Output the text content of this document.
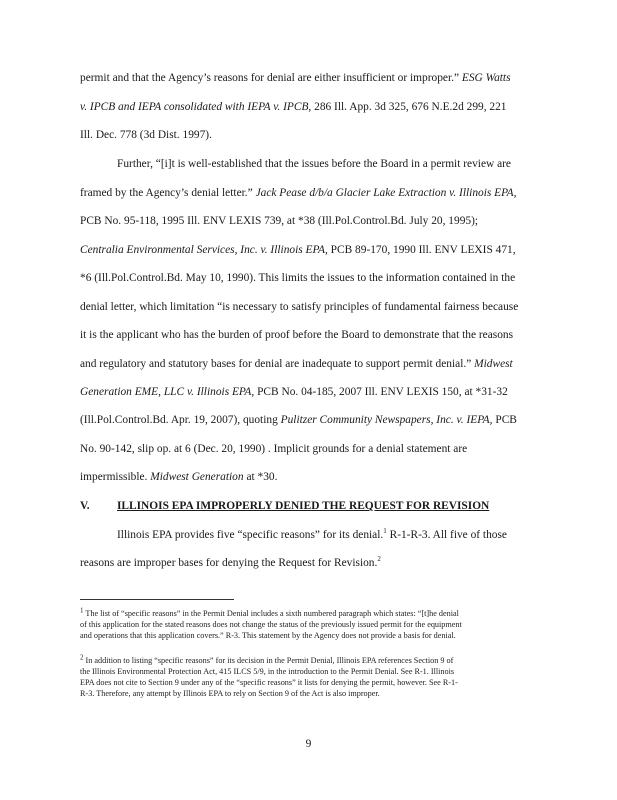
permit and that the Agency’s reasons for denial are either insufficient or improper.” ESG Watts
v. IPCB and IEPA consolidated with IEPA v. IPCB, 286 Ill. App. 3d 325, 676 N.E.2d 299, 221
Ill. Dec. 778 (3d Dist. 1997).
Further, “[i]t is well-established that the issues before the Board in a permit review are
framed by the Agency’s denial letter.” Jack Pease d/b/a Glacier Lake Extraction v. Illinois EPA,
PCB No. 95-118, 1995 Ill. ENV LEXIS 739, at *38 (Ill.Pol.Control.Bd. July 20, 1995);
Centralia Environmental Services, Inc. v. Illinois EPA, PCB 89-170, 1990 Ill. ENV LEXIS 471,
*6 (Ill.Pol.Control.Bd. May 10, 1990). This limits the issues to the information contained in the
denial letter, which limitation “is necessary to satisfy principles of fundamental fairness because
it is the applicant who has the burden of proof before the Board to demonstrate that the reasons
and regulatory and statutory bases for denial are inadequate to support permit denial.” Midwest
Generation EME, LLC v. Illinois EPA, PCB No. 04-185, 2007 Ill. ENV LEXIS 150, at *31-32
(Ill.Pol.Control.Bd. Apr. 19, 2007), quoting Pulitzer Community Newspapers, Inc. v. IEPA, PCB
No. 90-142, slip op. at 6 (Dec. 20, 1990) . Implicit grounds for a denial statement are
impermissible. Midwest Generation at *30.
V. ILLINOIS EPA IMPROPERLY DENIED THE REQUEST FOR REVISION
Illinois EPA provides five “specific reasons” for its denial.$^1$ R-1-R-3. All five of those
reasons are improper bases for denying the Request for Revision.$^2$
$^1$ The list of “specific reasons” in the Permit Denial includes a sixth numbered paragraph which states: “[t]he denial
of this application for the stated reasons does not change the status of the previously issued permit for the equipment
and operations that this application covers.” R-3. This statement by the Agency does not provide a basis for denial.
$^2$ In addition to listing “specific reasons” for its decision in the Permit Denial, Illinois EPA references Section 9 of
the Illinois Environmental Protection Act, 415 ILCS 5/9, in the introduction to the Permit Denial. See R-1. Illinois
EPA does not cite to Section 9 under any of the “specific reasons” it lists for denying the permit, however. See R-1-
R-3. Therefore, any attempt by Illinois EPA to rely on Section 9 of the Act is also improper.
9
